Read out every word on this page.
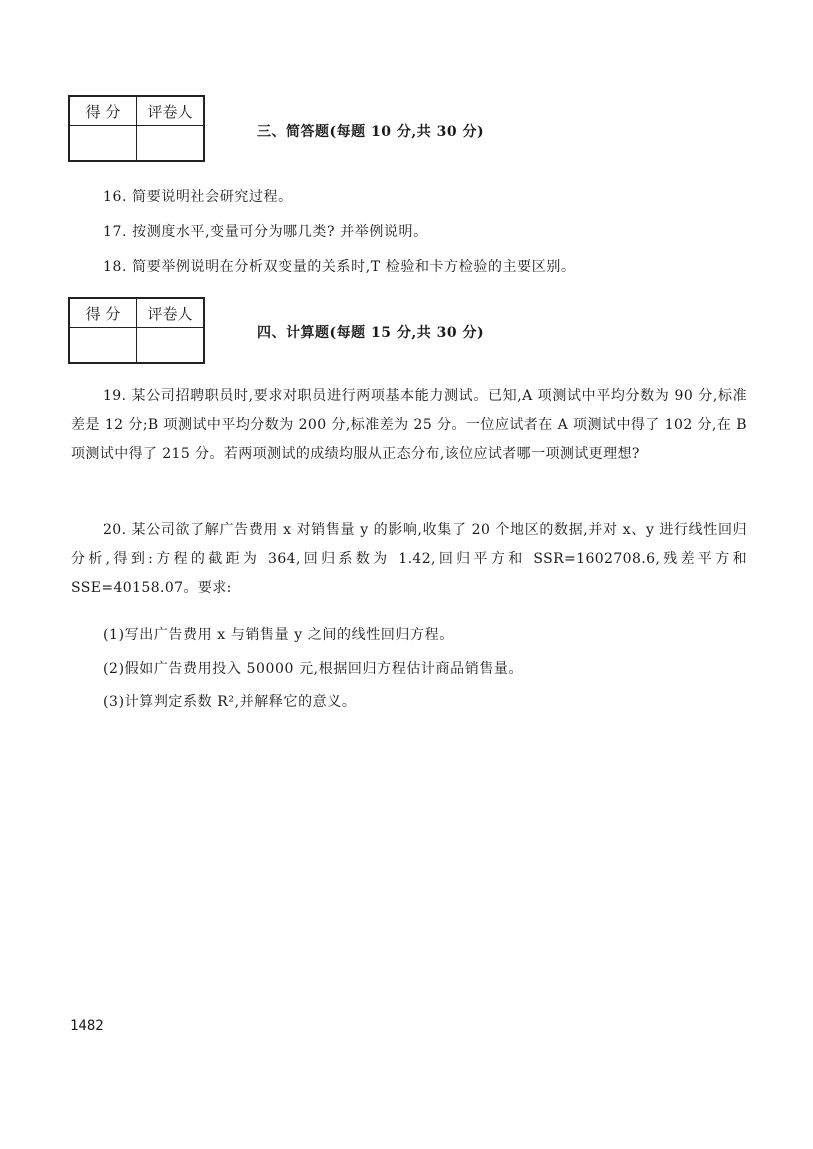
得 分	评卷人

三、简答题(每题 10 分,共 30 分)
16. 简要说明社会研究过程。
17. 按测度水平,变量可分为哪几类? 并举例说明。
18. 简要举例说明在分析双变量的关系时,T 检验和卡方检验的主要区别。
得 分	评卷人

四、计算题(每题 15 分,共 30 分)
19. 某公司招聘职员时,要求对职员进行两项基本能力测试。已知,A 项测试中平均分数为 90 分,标准差是 12 分;B 项测试中平均分数为 200 分,标准差为 25 分。一位应试者在 A 项测试中得了 102 分,在 B 项测试中得了 215 分。若两项测试的成绩均服从正态分布,该位应试者哪一项测试更理想?
20. 某公司欲了解广告费用 x 对销售量 y 的影响,收集了 20 个地区的数据,并对 x、y 进行线性回归分析,得到:方程的截距为 364,回归系数为 1.42,回归平方和 SSR=1602708.6,残差平方和 SSE=40158.07。要求:
(1)写出广告费用 x 与销售量 y 之间的线性回归方程。
(2)假如广告费用投入 50000 元,根据回归方程估计商品销售量。
(3)计算判定系数 R²,并解释它的意义。
1482
